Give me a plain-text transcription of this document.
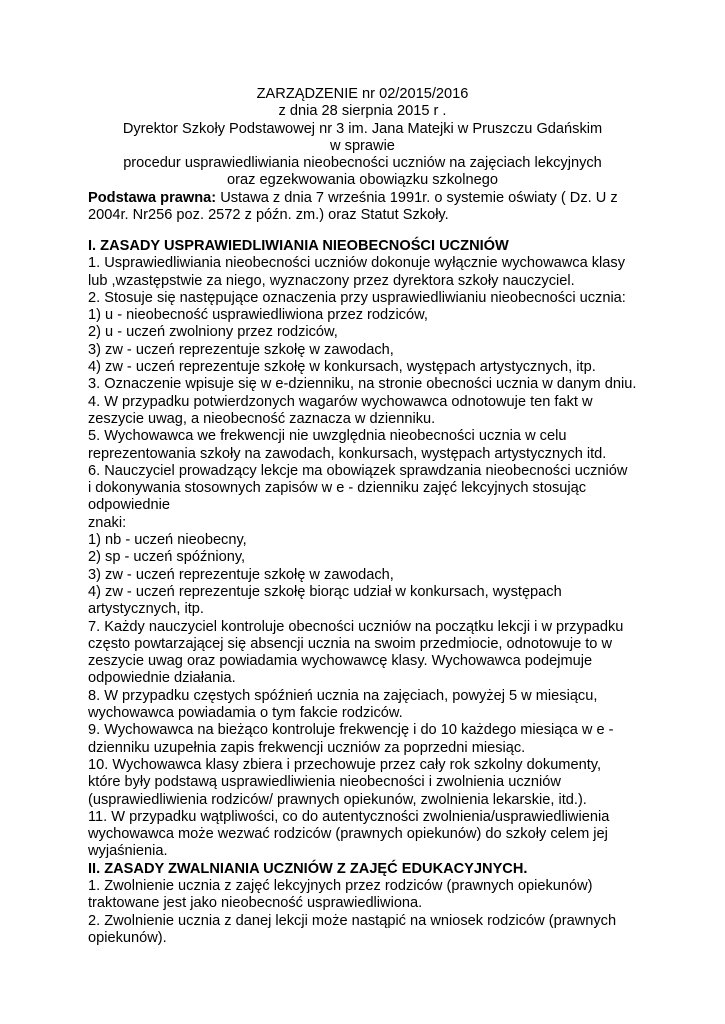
ZARZĄDZENIE nr 02/2015/2016
z dnia 28 sierpnia 2015 r .
Dyrektor Szkoły Podstawowej nr 3 im. Jana Matejki w Pruszczu Gdańskim
w sprawie
procedur usprawiedliwiania nieobecności uczniów na zajęciach lekcyjnych
oraz egzekwowania obowiązku szkolnego
Podstawa prawna: Ustawa z dnia 7 września 1991r. o systemie oświaty ( Dz. U z
2004r. Nr256 poz. 2572 z późn. zm.) oraz Statut Szkoły.
I. ZASADY USPRAWIEDLIWIANIA NIEOBECNOŚCI UCZNIÓW
1. Usprawiedliwiania nieobecności uczniów dokonuje wyłącznie wychowawca klasy
lub ,wzastępstwie za niego, wyznaczony przez dyrektora szkoły nauczyciel.
2. Stosuje się następujące oznaczenia przy usprawiedliwianiu nieobecności ucznia:
1) u - nieobecność usprawiedliwiona przez rodziców,
2) u - uczeń zwolniony przez rodziców,
3) zw - uczeń reprezentuje szkołę w zawodach,
4) zw - uczeń reprezentuje szkołę w konkursach, występach artystycznych, itp.
3. Oznaczenie wpisuje się w e-dzienniku, na stronie obecności ucznia w danym dniu.
4. W przypadku potwierdzonych wagarów wychowawca odnotowuje ten fakt w
zeszycie uwag, a nieobecność zaznacza w dzienniku.
5. Wychowawca we frekwencji nie uwzględnia nieobecności ucznia w celu
reprezentowania szkoły na zawodach, konkursach, występach artystycznych itd.
6. Nauczyciel prowadzący lekcje ma obowiązek sprawdzania nieobecności uczniów
i dokonywania stosownych zapisów w e - dzienniku zajęć lekcyjnych stosując
odpowiednie
znaki:
1) nb - uczeń nieobecny,
2) sp - uczeń spóźniony,
3) zw - uczeń reprezentuje szkołę w zawodach,
4) zw - uczeń reprezentuje szkołę biorąc udział w konkursach, występach
artystycznych, itp.
7. Każdy nauczyciel kontroluje obecności uczniów na początku lekcji i w przypadku
często powtarzającej się absencji ucznia na swoim przedmiocie, odnotowuje to w
zeszycie uwag oraz powiadamia wychowawcę klasy. Wychowawca podejmuje
odpowiednie działania.
8. W przypadku częstych spóźnień ucznia na zajęciach, powyżej 5 w miesiącu,
wychowawca powiadamia o tym fakcie rodziców.
9. Wychowawca na bieżąco kontroluje frekwencję i do 10 każdego miesiąca w e -
dzienniku uzupełnia zapis frekwencji uczniów za poprzedni miesiąc.
10. Wychowawca klasy zbiera i przechowuje przez cały rok szkolny dokumenty,
które były podstawą usprawiedliwienia nieobecności i zwolnienia uczniów
(usprawiedliwienia rodziców/ prawnych opiekunów, zwolnienia lekarskie, itd.).
11. W przypadku wątpliwości, co do autentyczności zwolnienia/usprawiedliwienia
wychowawca może wezwać rodziców (prawnych opiekunów) do szkoły celem jej
wyjaśnienia.
II. ZASADY ZWALNIANIA UCZNIÓW Z ZAJĘĆ EDUKACYJNYCH.
1. Zwolnienie ucznia z zajęć lekcyjnych przez rodziców (prawnych opiekunów)
traktowane jest jako nieobecność usprawiedliwiona.
2. Zwolnienie ucznia z danej lekcji może nastąpić na wniosek rodziców (prawnych
opiekunów).
